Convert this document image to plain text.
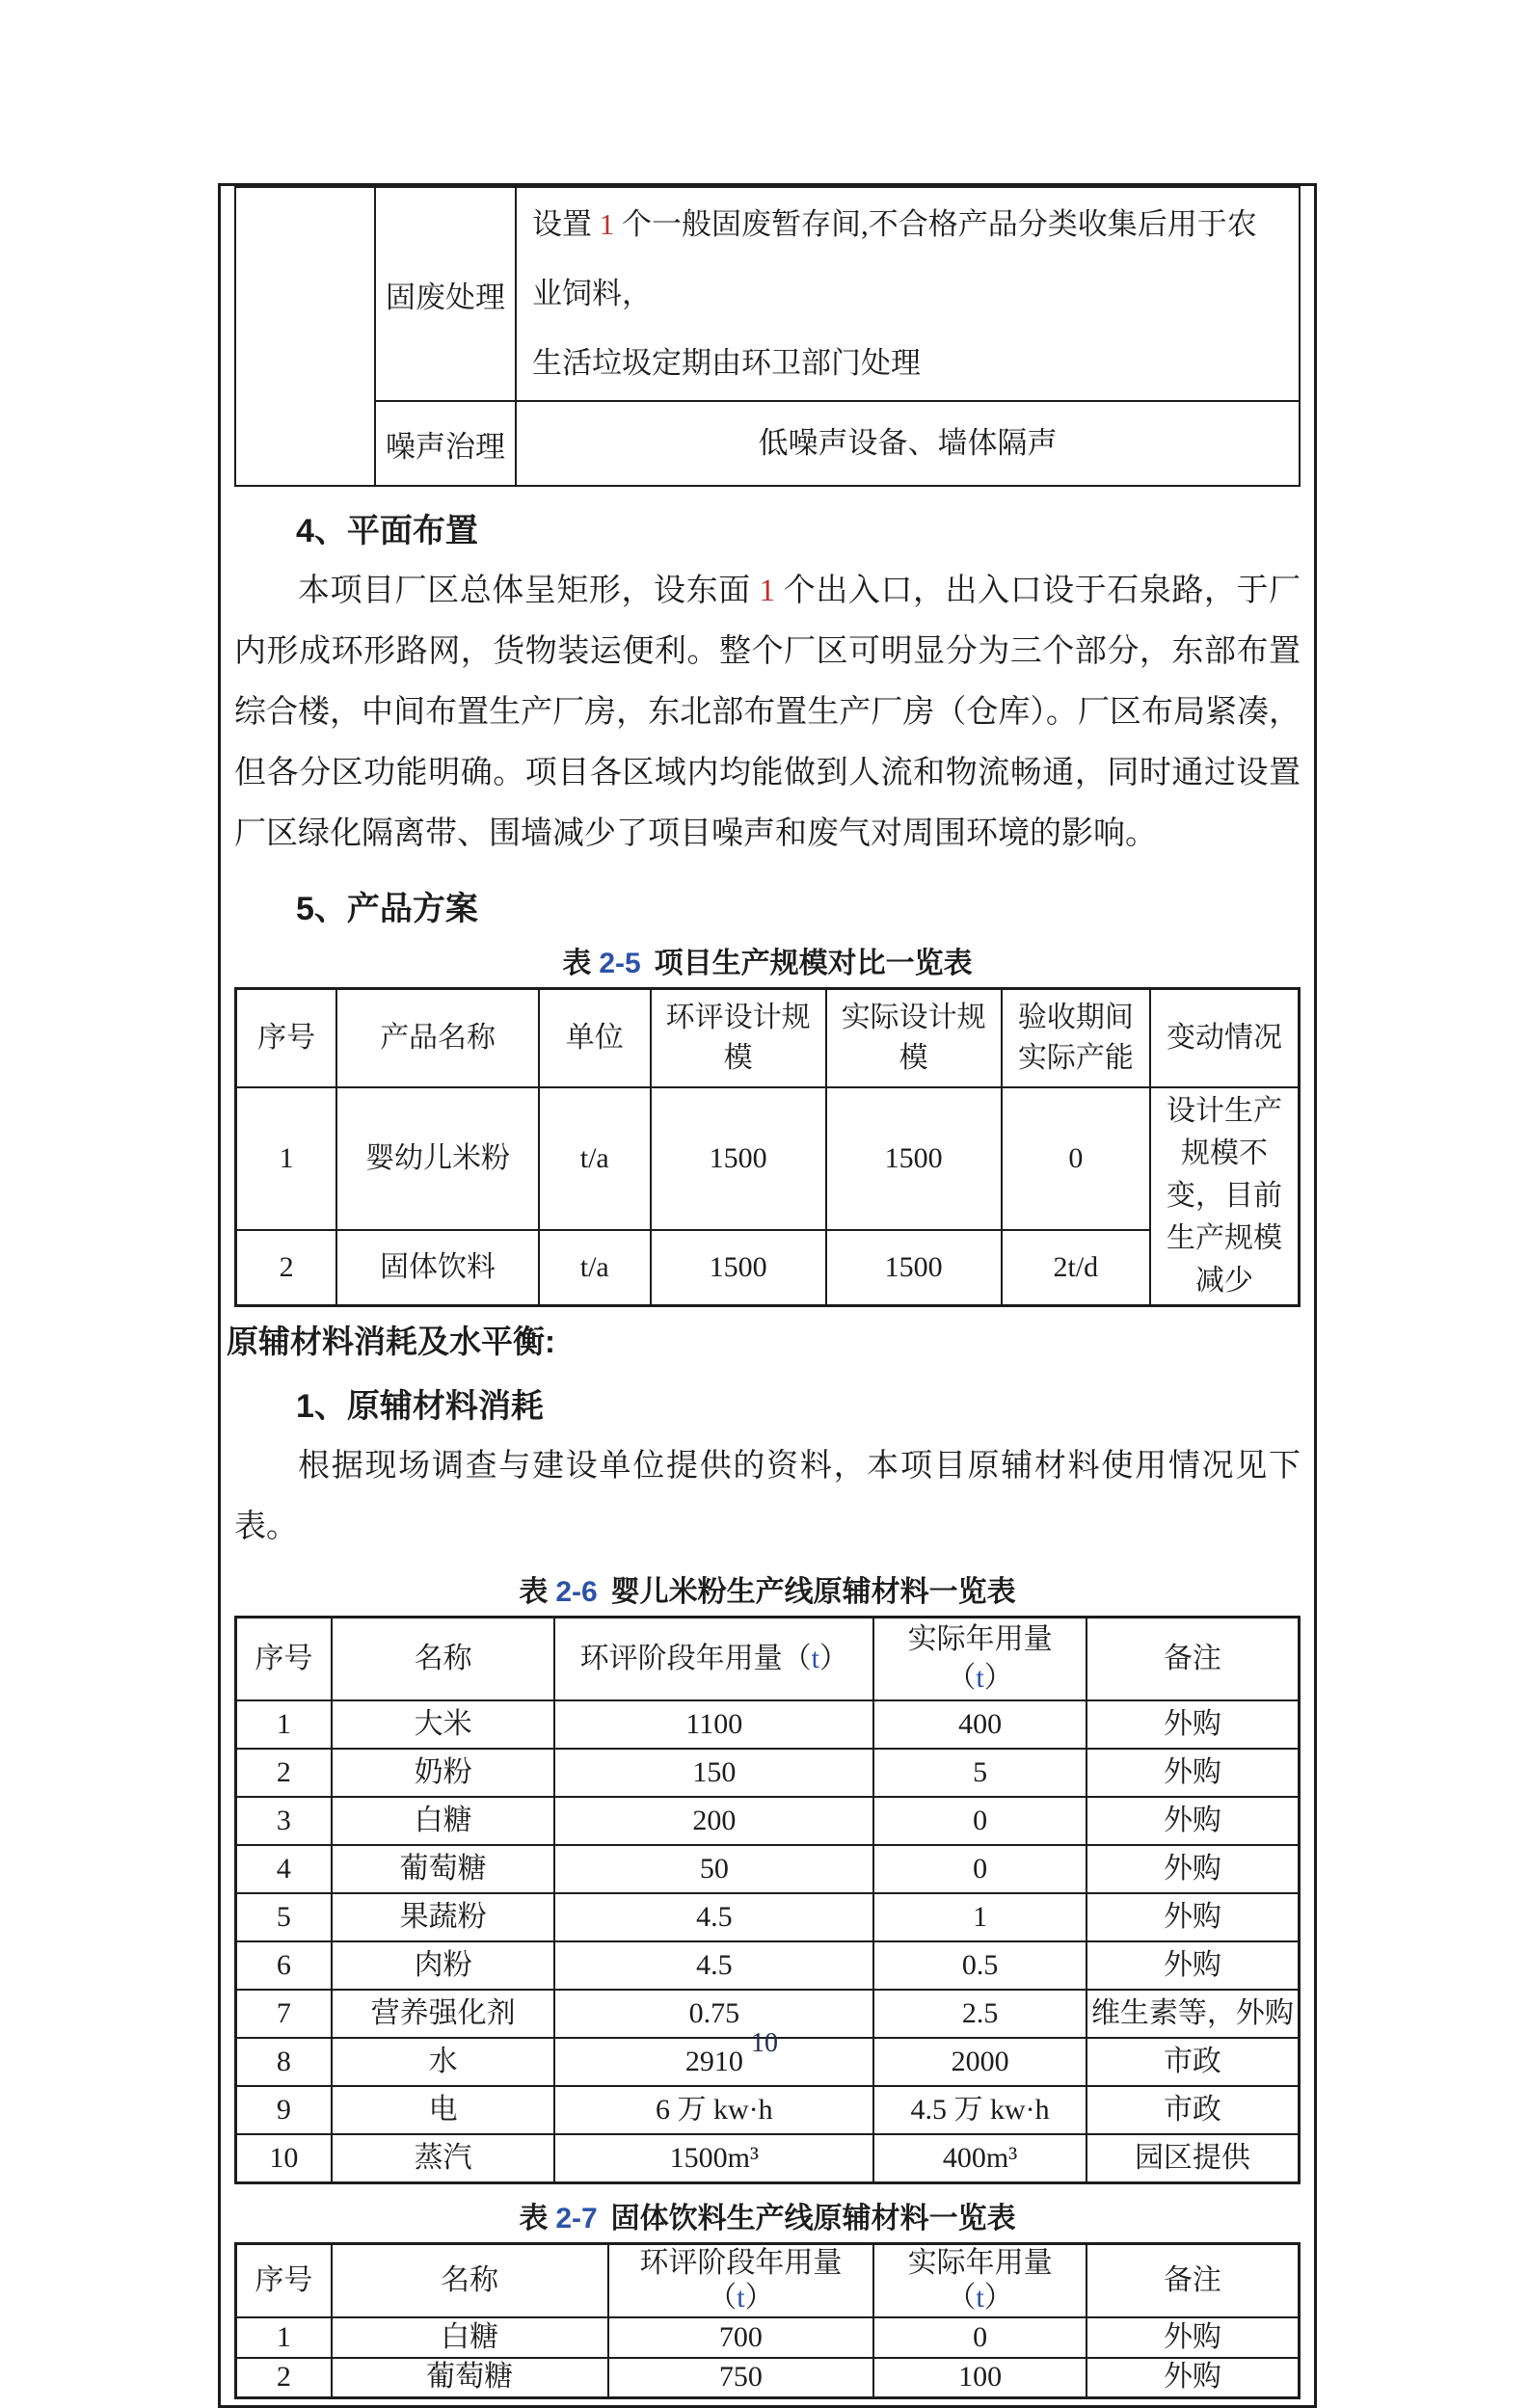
	固废处理	设置 1 个一般固废暂存间,不合格产品分类收集后用于农业饲料，
生活垃圾定期由环卫部门处理
	噪声治理	低噪声设备、墙体隔声
4、平面布置

本项目厂区总体呈矩形，设东面 1 个出入口，出入口设于石泉路，于厂内形成环形路网，货物装运便利。整个厂区可明显分为三个部分，东部布置综合楼，中间布置生产厂房，东北部布置生产厂房（仓库）。厂区布局紧凑，但各分区功能明确。项目各区域内均能做到人流和物流畅通，同时通过设置厂区绿化隔离带、围墙减少了项目噪声和废气对周围环境的影响。

5、产品方案
表 2-5 项目生产规模对比一览表
序号	产品名称	单位	环评设计规模	实际设计规模	验收期间实际产能	变动情况
1	婴幼儿米粉	t/a	1500	1500	0	设计生产规模不变，目前生产规模减少
2	固体饮料	t/a	1500	1500	2t/d	
原辅材料消耗及水平衡:
1、原辅材料消耗

根据现场调查与建设单位提供的资料，本项目原辅材料使用情况见下表。

表 2-6 婴儿米粉生产线原辅材料一览表
序号	名称	环评阶段年用量（t）	实际年用量（t）	备注
1	大米	1100	400	外购
2	奶粉	150	5	外购
3	白糖	200	0	外购
4	葡萄糖	50	0	外购
5	果蔬粉	4.5	1	外购
6	肉粉	4.5	0.5	外购
7	营养强化剂	0.75	2.5	维生素等，外购
8	水	2910	2000	市政
9	电	6 万 kw·h	4.5 万 kw·h	市政
10	蒸汽	1500m³	400m³	园区提供
表 2-7 固体饮料生产线原辅材料一览表
序号	名称	环评阶段年用量（t）	实际年用量（t）	备注
1	白糖	700	0	外购
2	葡萄糖	750	100	外购
10
